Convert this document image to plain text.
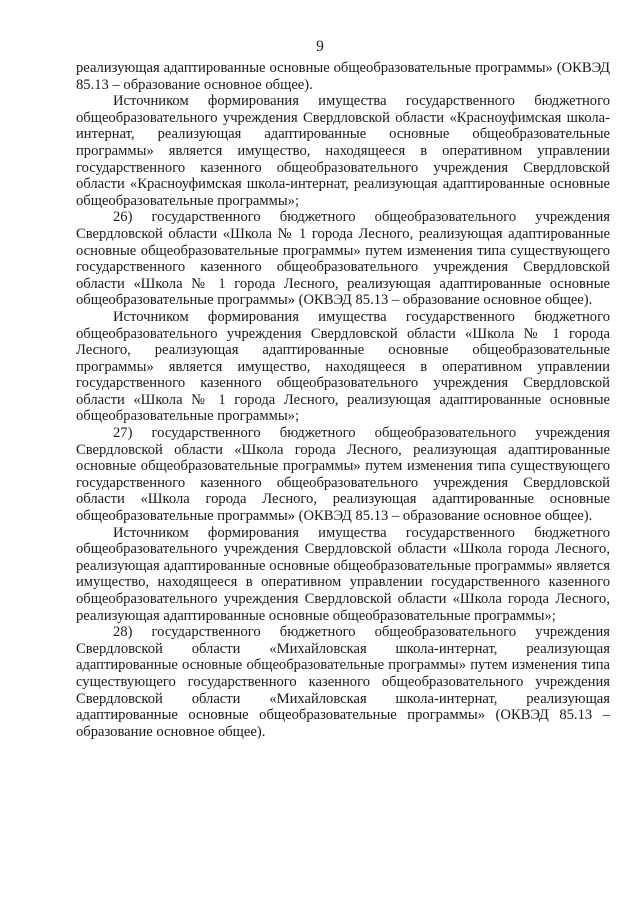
9

реализующая адаптированные основные общеобразовательные программы» (ОКВЭД 85.13 – образование основное общее).

Источником формирования имущества государственного бюджетного общеобразовательного учреждения Свердловской области «Красноуфимская школа-интернат, реализующая адаптированные основные общеобразовательные программы» является имущество, находящееся в оперативном управлении государственного казенного общеобразовательного учреждения Свердловской области «Красноуфимская школа-интернат, реализующая адаптированные основные общеобразовательные программы»;

26) государственного бюджетного общеобразовательного учреждения Свердловской области «Школа № 1 города Лесного, реализующая адаптированные основные общеобразовательные программы» путем изменения типа существующего государственного казенного общеобразовательного учреждения Свердловской области «Школа № 1 города Лесного, реализующая адаптированные основные общеобразовательные программы» (ОКВЭД 85.13 – образование основное общее).

Источником формирования имущества государственного бюджетного общеобразовательного учреждения Свердловской области «Школа № 1 города Лесного, реализующая адаптированные основные общеобразовательные программы» является имущество, находящееся в оперативном управлении государственного казенного общеобразовательного учреждения Свердловской области «Школа № 1 города Лесного, реализующая адаптированные основные общеобразовательные программы»;

27) государственного бюджетного общеобразовательного учреждения Свердловской области «Школа города Лесного, реализующая адаптированные основные общеобразовательные программы» путем изменения типа существующего государственного казенного общеобразовательного учреждения Свердловской области «Школа города Лесного, реализующая адаптированные основные общеобразовательные программы» (ОКВЭД 85.13 – образование основное общее).

Источником формирования имущества государственного бюджетного общеобразовательного учреждения Свердловской области «Школа города Лесного, реализующая адаптированные основные общеобразовательные программы» является имущество, находящееся в оперативном управлении государственного казенного общеобразовательного учреждения Свердловской области «Школа города Лесного, реализующая адаптированные основные общеобразовательные программы»;

28) государственного бюджетного общеобразовательного учреждения Свердловской области «Михайловская школа-интернат, реализующая адаптированные основные общеобразовательные программы» путем изменения типа существующего государственного казенного общеобразовательного учреждения Свердловской области «Михайловская школа-интернат, реализующая адаптированные основные общеобразовательные программы» (ОКВЭД 85.13 – образование основное общее).
